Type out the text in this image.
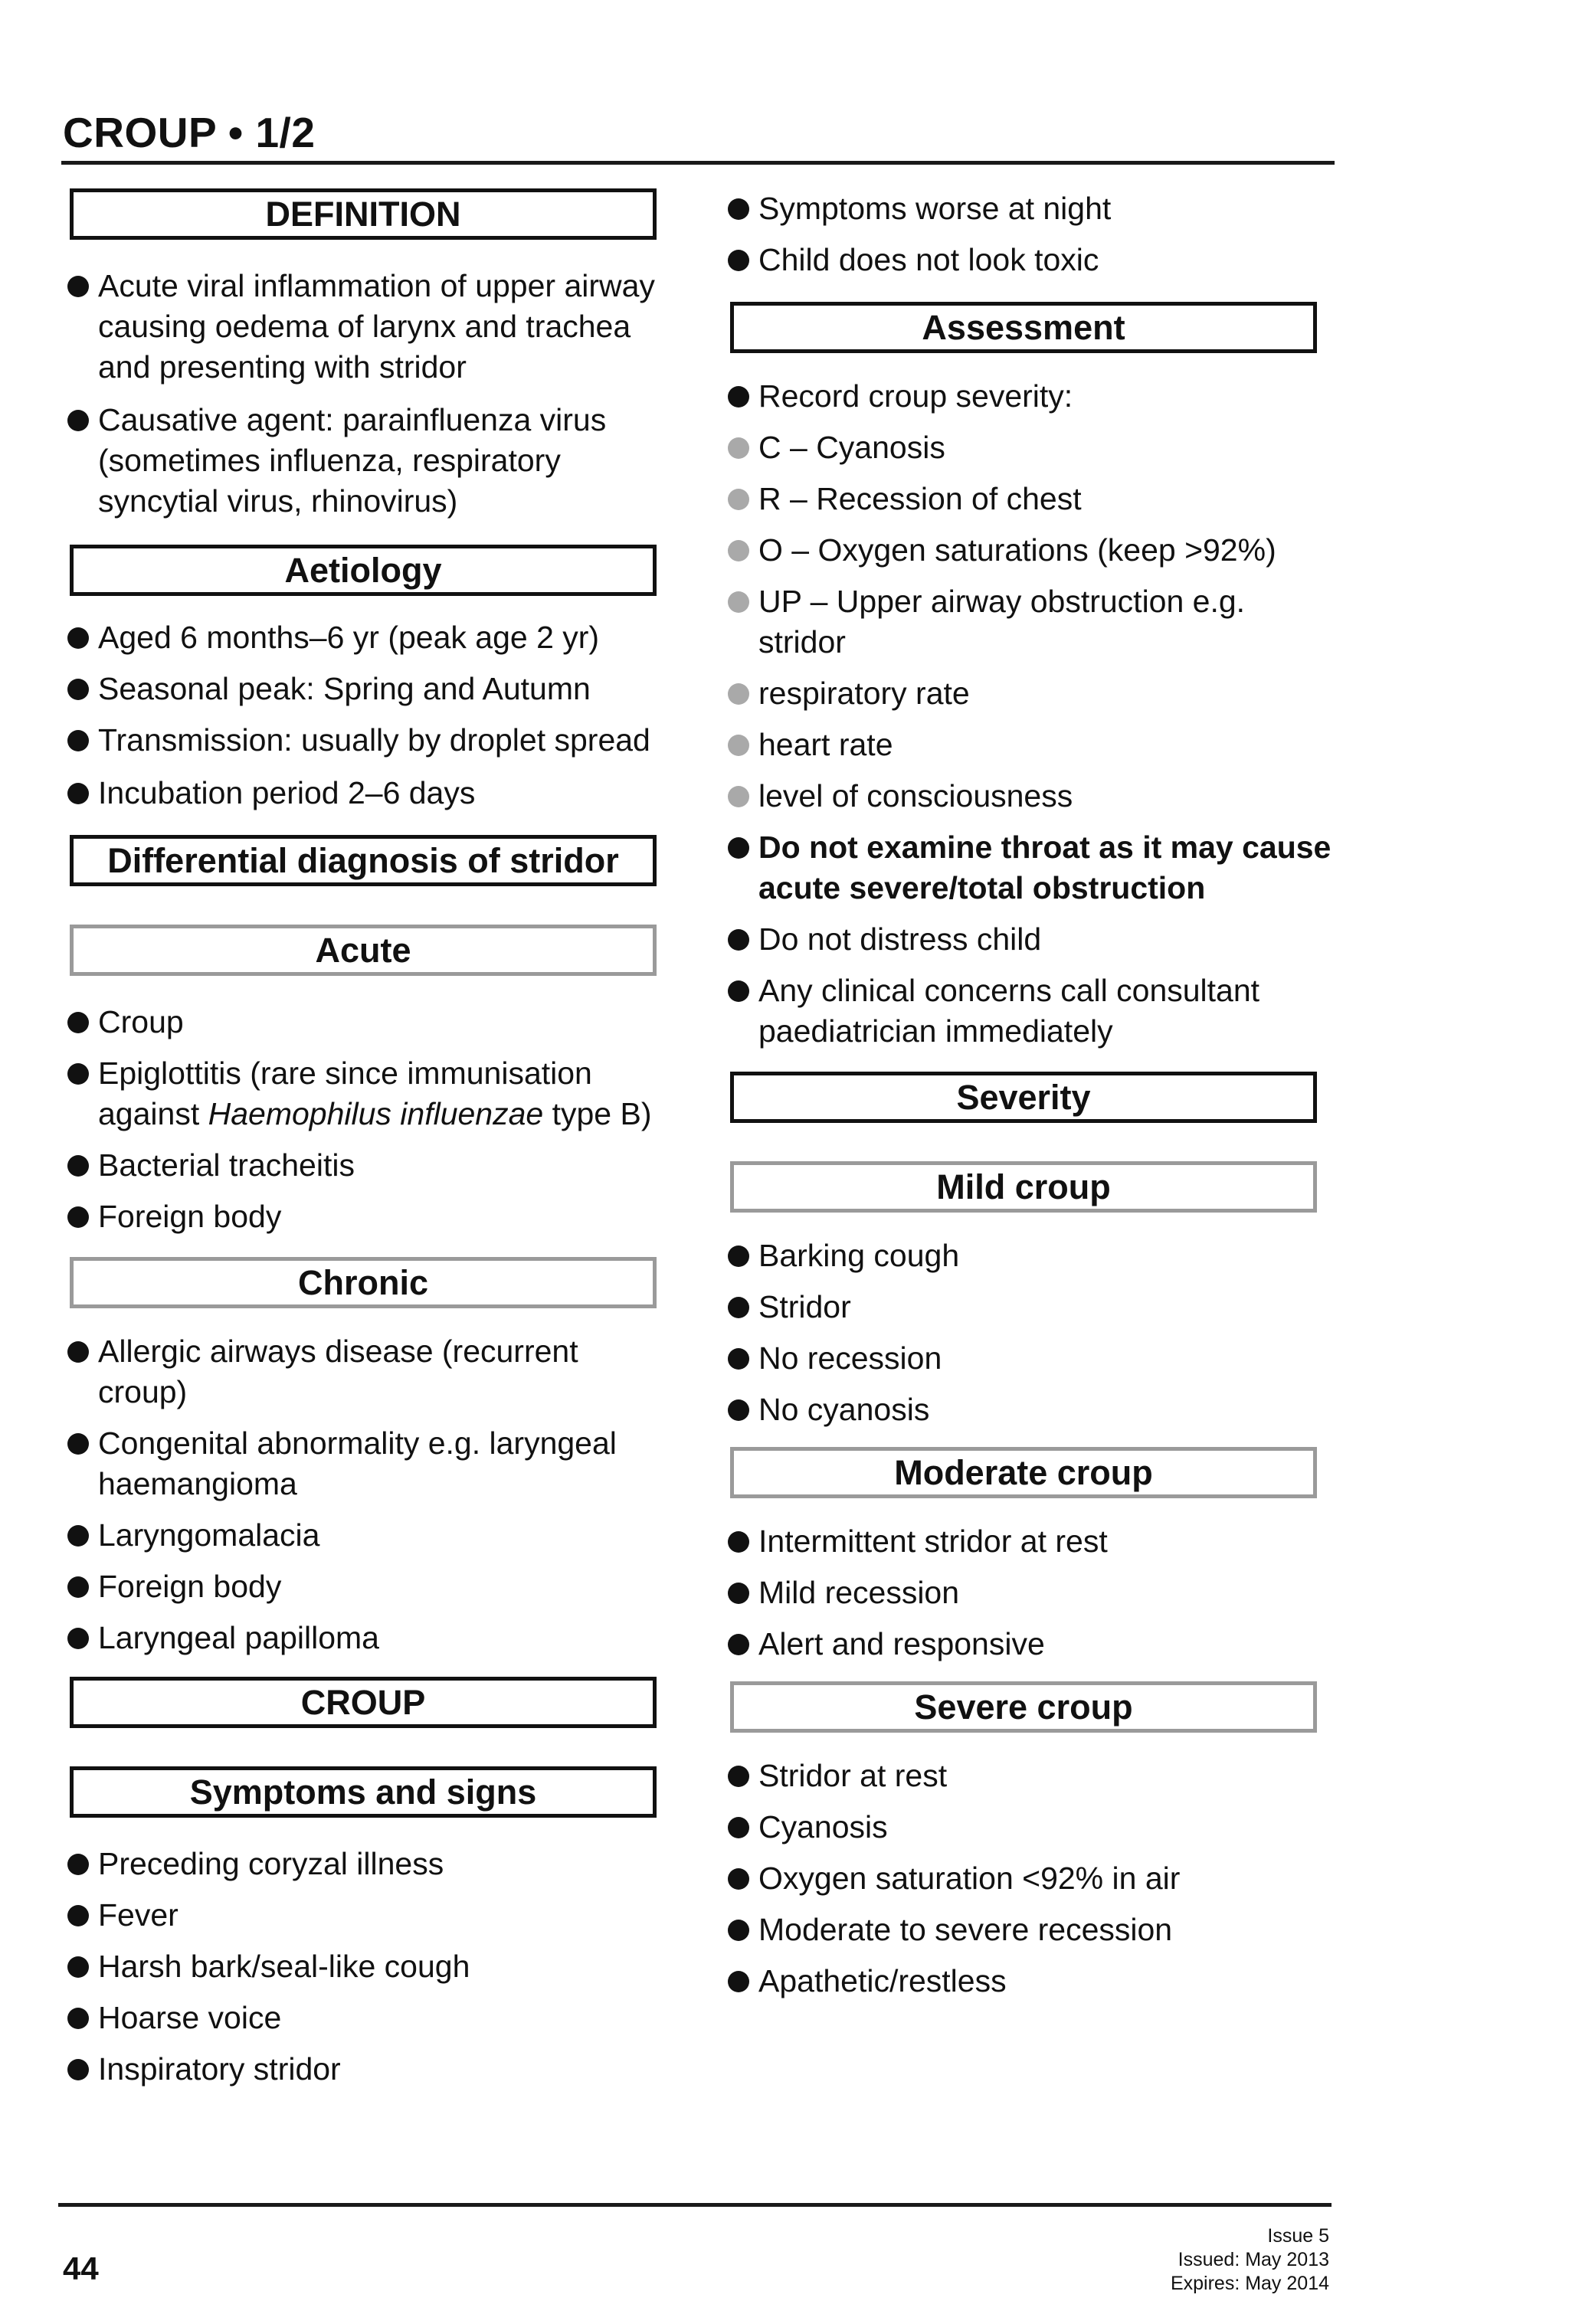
CROUP • 1/2
DEFINITION
Acute viral inflammation of upper airway causing oedema of larynx and trachea and presenting with stridor
Causative agent: parainfluenza virus (sometimes influenza, respiratory syncytial virus, rhinovirus)
Aetiology
Aged 6 months–6 yr (peak age 2 yr)
Seasonal peak: Spring and Autumn
Transmission: usually by droplet spread
Incubation period 2–6 days
Differential diagnosis of stridor
Acute
Croup
Epiglottitis (rare since immunisation against Haemophilus influenzae type B)
Bacterial tracheitis
Foreign body
Chronic
Allergic airways disease (recurrent croup)
Congenital abnormality e.g. laryngeal haemangioma
Laryngomalacia
Foreign body
Laryngeal papilloma
CROUP
Symptoms and signs
Preceding coryzal illness
Fever
Harsh bark/seal-like cough
Hoarse voice
Inspiratory stridor
Symptoms worse at night
Child does not look toxic
Assessment
Record croup severity:
C – Cyanosis
R – Recession of chest
O – Oxygen saturations (keep >92%)
UP – Upper airway obstruction e.g. stridor
respiratory rate
heart rate
level of consciousness
Do not examine throat as it may cause acute severe/total obstruction
Do not distress child
Any clinical concerns call consultant paediatrician immediately
Severity
Mild croup
Barking cough
Stridor
No recession
No cyanosis
Moderate croup
Intermittent stridor at rest
Mild recession
Alert and responsive
Severe croup
Stridor at rest
Cyanosis
Oxygen saturation <92% in air
Moderate to severe recession
Apathetic/restless
44
Issue 5
Issued: May 2013
Expires: May 2014
